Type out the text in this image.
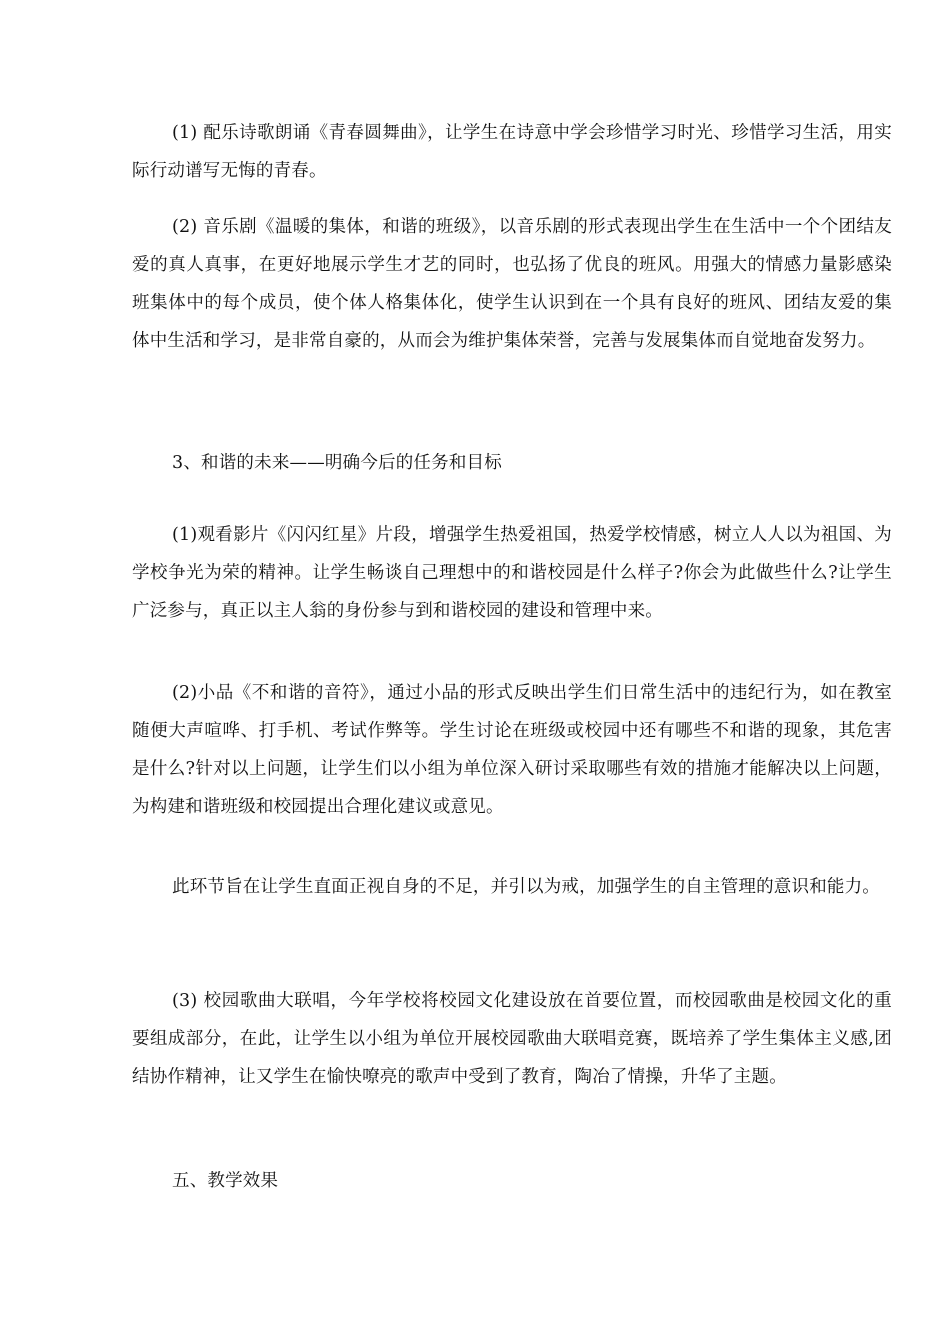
(1) 配乐诗歌朗诵《青春圆舞曲》，让学生在诗意中学会珍惜学习时光、珍惜学习生活，用实际行动谱写无悔的青春。

(2) 音乐剧《温暖的集体，和谐的班级》，以音乐剧的形式表现出学生在生活中一个个团结友爱的真人真事，在更好地展示学生才艺的同时，也弘扬了优良的班风。用强大的情感力量影感染班集体中的每个成员，使个体人格集体化，使学生认识到在一个具有良好的班风、团结友爱的集体中生活和学习，是非常自豪的，从而会为维护集体荣誉，完善与发展集体而自觉地奋发努力。

3、和谐的未来——明确今后的任务和目标

(1)观看影片《闪闪红星》片段，增强学生热爱祖国，热爱学校情感，树立人人以为祖国、为学校争光为荣的精神。让学生畅谈自己理想中的和谐校园是什么样子?你会为此做些什么?让学生广泛参与，真正以主人翁的身份参与到和谐校园的建设和管理中来。

(2)小品《不和谐的音符》，通过小品的形式反映出学生们日常生活中的违纪行为，如在教室随便大声喧哗、打手机、考试作弊等。学生讨论在班级或校园中还有哪些不和谐的现象，其危害是什么?针对以上问题，让学生们以小组为单位深入研讨采取哪些有效的措施才能解决以上问题，为构建和谐班级和校园提出合理化建议或意见。

此环节旨在让学生直面正视自身的不足，并引以为戒，加强学生的自主管理的意识和能力。

(3) 校园歌曲大联唱，今年学校将校园文化建设放在首要位置，而校园歌曲是校园文化的重要组成部分，在此，让学生以小组为单位开展校园歌曲大联唱竞赛，既培养了学生集体主义感,团结协作精神，让又学生在愉快嘹亮的歌声中受到了教育，陶冶了情操，升华了主题。

五、教学效果
